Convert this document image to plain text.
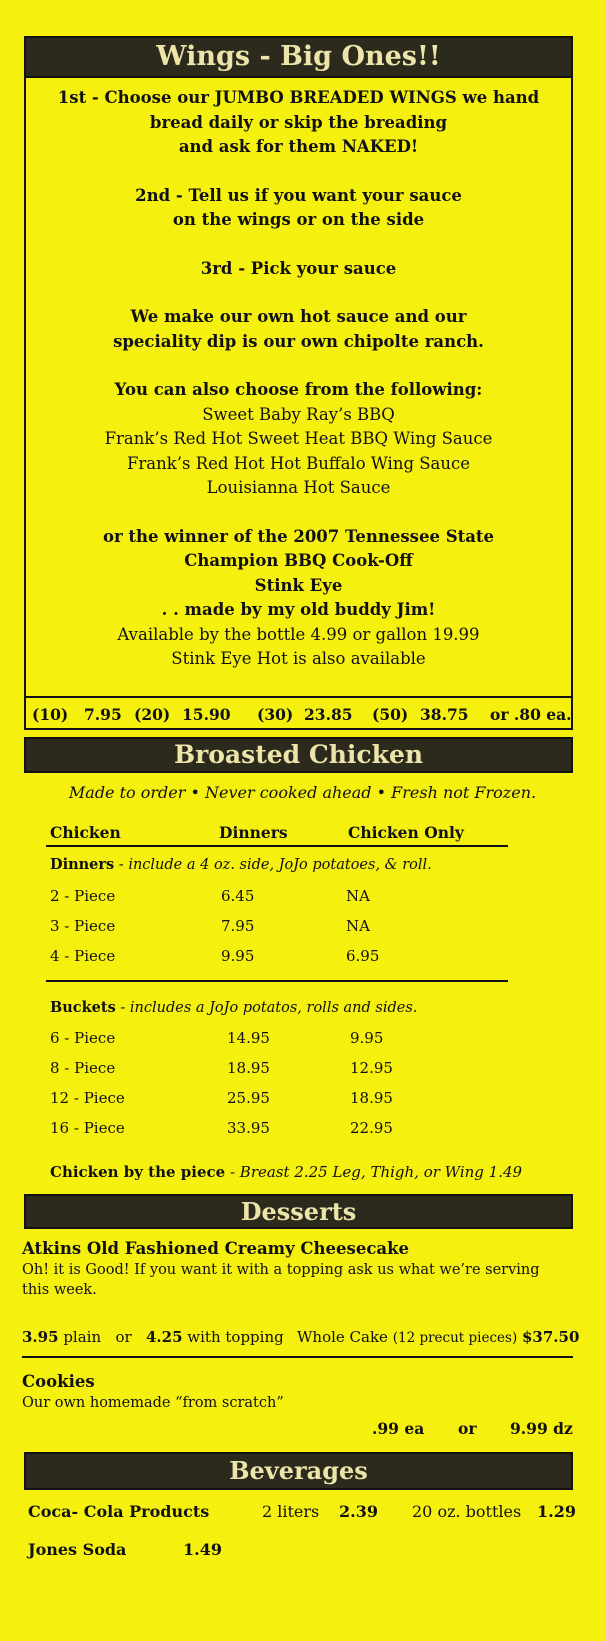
Wings - Big Ones!!
1st - Choose our JUMBO BREADED WINGS we hand
bread daily or skip the breading
and ask for them NAKED!
2nd - Tell us if you want your sauce
on the wings or on the side
3rd - Pick your sauce
We make our own hot sauce and our
speciality dip is our own chipolte ranch.
You can also choose from the following:
Sweet Baby Ray’s BBQ
Frank’s Red Hot Sweet Heat BBQ Wing Sauce
Frank’s Red Hot Hot Buffalo Wing Sauce
Louisianna Hot Sauce
or the winner of the 2007 Tennessee State
Champion BBQ Cook-Off
Stink Eye
. . made by my old buddy Jim!
Available by the bottle 4.99 or gallon 19.99
Stink Eye Hot is also available
(10) 7.95 (20) 15.90 (30) 23.85 (50) 38.75 or .80 ea.
Broasted Chicken
Made to order • Never cooked ahead • Fresh not Frozen.
Chicken	Dinners	Chicken Only
Dinners - include a 4 oz. side, JoJo potatoes, & roll.
2 - Piece	6.45	NA
3 - Piece	7.95	NA
4 - Piece	9.95	6.95
Buckets - includes a JoJo potatos, rolls and sides.
6 - Piece	14.95	9.95
8 - Piece	18.95	12.95
12 - Piece	25.95	18.95
16 - Piece	33.95	22.95
Chicken by the piece - Breast 2.25 Leg, Thigh, or Wing 1.49
Desserts
Atkins Old Fashioned Creamy Cheesecake
Oh! it is Good! If you want it with a topping ask us what we’re serving
this week.
3.95 plain or 4.25 with topping Whole Cake (12 precut pieces) $37.50
Cookies
Our own homemade “from scratch”
.99 ea or 9.99 dz
Beverages
Coca- Cola Products	2 liters 2.39 20 oz. bottles 1.29
Jones Soda	1.49
